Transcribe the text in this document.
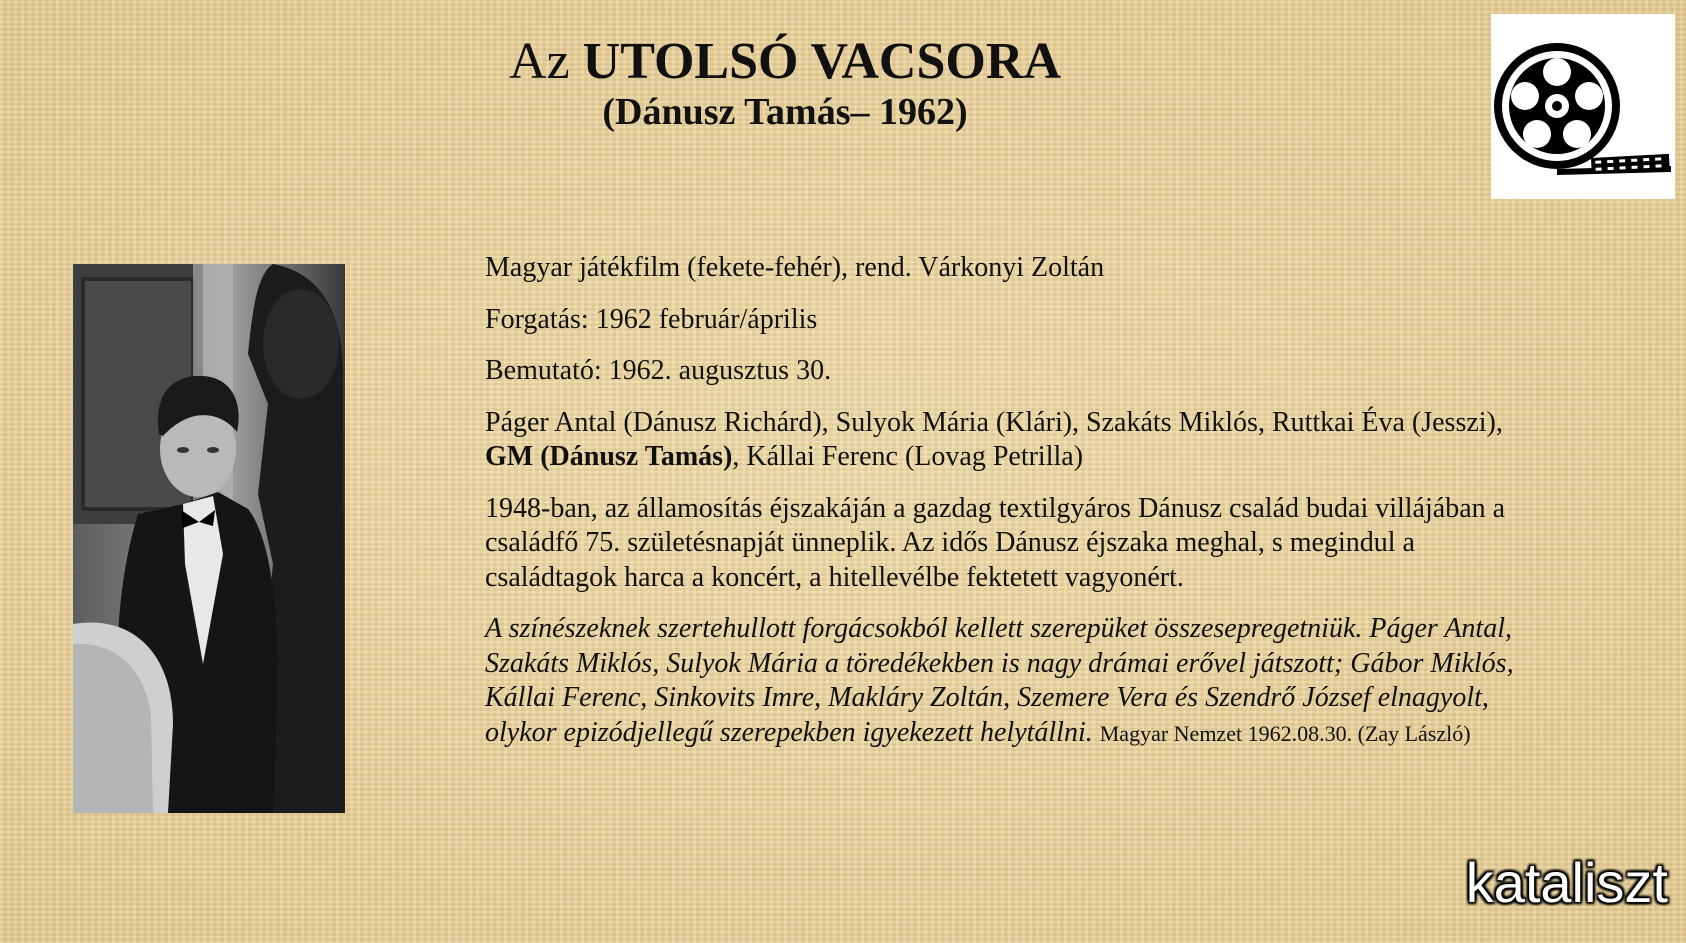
Az UTOLSÓ VACSORA
(Dánusz Tamás– 1962)

Magyar játékfilm (fekete-fehér), rend. Várkonyi Zoltán

Forgatás: 1962 február/április

Bemutató: 1962. augusztus 30.

Páger Antal (Dánusz Richárd), Sulyok Mária (Klári), Szakáts Miklós, Ruttkai Éva (Jesszi), GM (Dánusz Tamás), Kállai Ferenc (Lovag Petrilla)

1948-ban, az államosítás éjszakáján a gazdag textilgyáros Dánusz család budai villájában a családfő 75. születésnapját ünneplik. Az idős Dánusz éjszaka meghal, s megindul a családtagok harca a koncért, a hitellevélbe fektetett vagyonért.

A színészeknek szertehullott forgácsokból kellett szerepüket összesepregetniük. Páger Antal, Szakáts Miklós, Sulyok Mária a töredékekben is nagy drámai erővel játszott; Gábor Miklós, Kállai Ferenc, Sinkovits Imre, Makláry Zoltán, Szemere Vera és Szendrő József elnagyolt, olykor epizódjellegű szerepekben igyekezett helytállni. Magyar Nemzet 1962.08.30. (Zay László)

kataliszt
